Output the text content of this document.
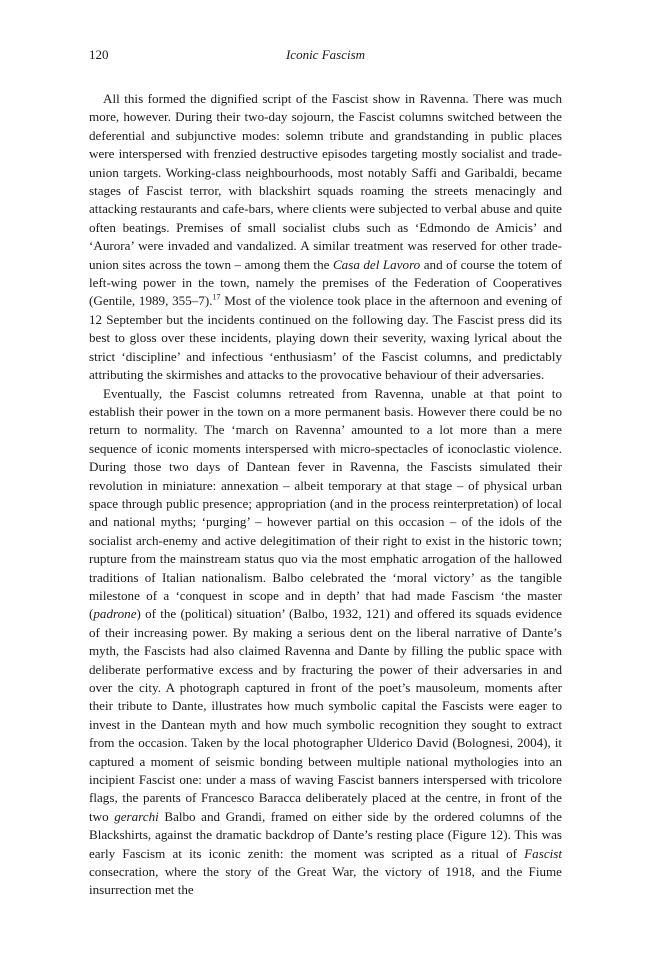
120	Iconic Fascism

All this formed the dignified script of the Fascist show in Ravenna. There was much more, however. During their two-day sojourn, the Fascist columns switched between the deferential and subjunctive modes: solemn tribute and grandstanding in public places were interspersed with frenzied destructive episodes targeting mostly socialist and trade-union targets. Working-class neighbourhoods, most notably Saffi and Garibaldi, became stages of Fascist terror, with blackshirt squads roaming the streets menacingly and attacking restaurants and cafe-bars, where clients were subjected to verbal abuse and quite often beatings. Premises of small socialist clubs such as ‘Edmondo de Amicis’ and ‘Aurora’ were invaded and vandalized. A similar treatment was reserved for other trade-union sites across the town – among them the Casa del Lavoro and of course the totem of left-wing power in the town, namely the premises of the Federation of Cooperatives (Gentile, 1989, 355–7).$^{17}$ Most of the violence took place in the afternoon and evening of 12 September but the incidents continued on the following day. The Fascist press did its best to gloss over these incidents, playing down their severity, waxing lyrical about the strict ‘discipline’ and infectious ‘enthusiasm’ of the Fascist columns, and predictably attributing the skirmishes and attacks to the provocative behaviour of their adversaries.

Eventually, the Fascist columns retreated from Ravenna, unable at that point to establish their power in the town on a more permanent basis. However there could be no return to normality. The ‘march on Ravenna’ amounted to a lot more than a mere sequence of iconic moments interspersed with micro-spectacles of iconoclastic violence. During those two days of Dantean fever in Ravenna, the Fascists simulated their revolution in miniature: annexation – albeit temporary at that stage – of physical urban space through public presence; appropriation (and in the process reinterpretation) of local and national myths; ‘purging’ – however partial on this occasion – of the idols of the socialist arch-enemy and active delegitimation of their right to exist in the historic town; rupture from the mainstream status quo via the most emphatic arrogation of the hallowed traditions of Italian nationalism. Balbo celebrated the ‘moral victory’ as the tangible milestone of a ‘conquest in scope and in depth’ that had made Fascism ‘the master (padrone) of the (political) situation’ (Balbo, 1932, 121) and offered its squads evidence of their increasing power. By making a serious dent on the liberal narrative of Dante’s myth, the Fascists had also claimed Ravenna and Dante by filling the public space with deliberate performative excess and by fracturing the power of their adversaries in and over the city. A photograph captured in front of the poet’s mausoleum, moments after their tribute to Dante, illustrates how much symbolic capital the Fascists were eager to invest in the Dantean myth and how much symbolic recognition they sought to extract from the occasion. Taken by the local photographer Ulderico David (Bolognesi, 2004), it captured a moment of seismic bonding between multiple national mythologies into an incipient Fascist one: under a mass of waving Fascist banners interspersed with tricolore flags, the parents of Francesco Baracca deliberately placed at the centre, in front of the two gerarchi Balbo and Grandi, framed on either side by the ordered columns of the Blackshirts, against the dramatic backdrop of Dante’s resting place (Figure 12). This was early Fascism at its iconic zenith: the moment was scripted as a ritual of Fascist consecration, where the story of the Great War, the victory of 1918, and the Fiume insurrection met the
